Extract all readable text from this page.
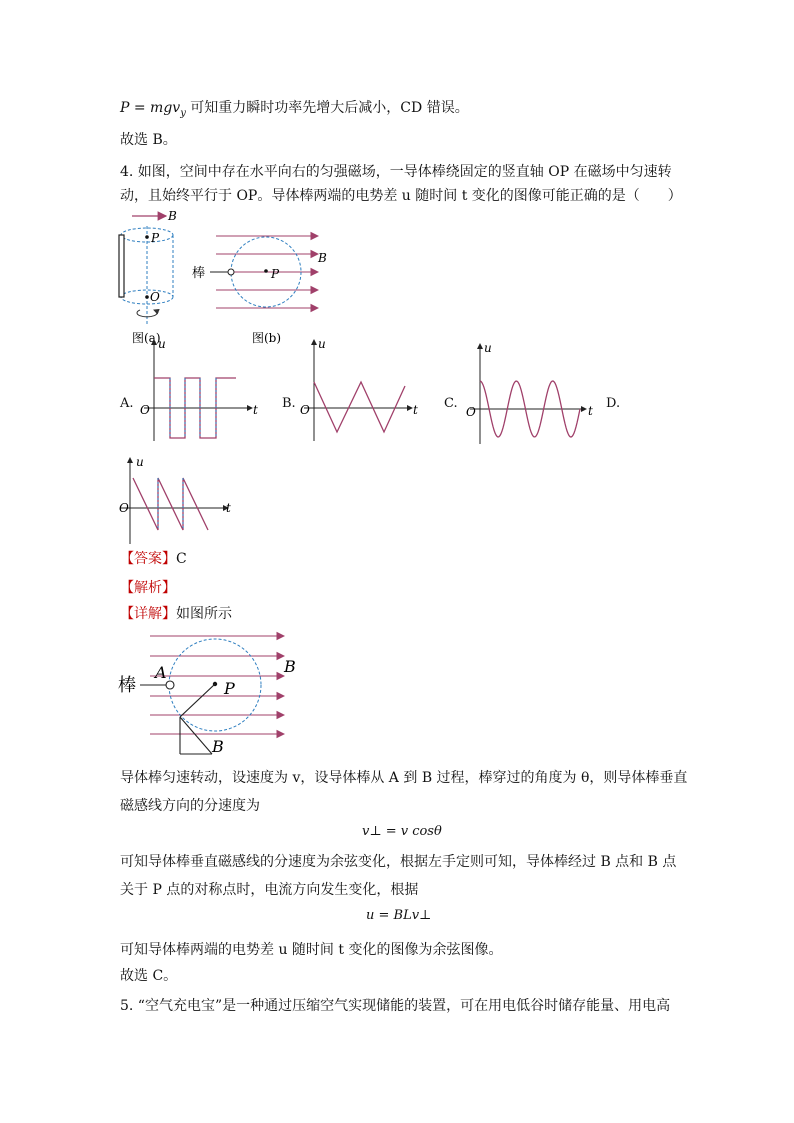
P = mgv$_y$ 可知重力瞬时功率先增大后减小，CD 错误。
故选 B。
4. 如图，空间中存在水平向右的匀强磁场，一导体棒绕固定的竖直轴 OP 在磁场中匀速转
动，且始终平行于 OP。导体棒两端的电势差 u 随时间 t 变化的图像可能正确的是（　　）
B
P
O
图(a)
B
棒	P
图(b)
A.
u
t
O	B.
u
t
O	C.
u
t
O
D.
u
t
O
【答案】C
【解析】
【详解】如图所示
棒
A
P
B
B
导体棒匀速转动，设速度为 v，设导体棒从 A 到 B 过程，棒穿过的角度为 θ，则导体棒垂直
磁感线方向的分速度为
v⊥ = v cosθ
可知导体棒垂直磁感线的分速度为余弦变化，根据左手定则可知，导体棒经过 B 点和 B 点
关于 P 点的对称点时，电流方向发生变化，根据
u = BLv⊥
可知导体棒两端的电势差 u 随时间 t 变化的图像为余弦图像。
故选 C。
5. “空气充电宝”是一种通过压缩空气实现储能的装置，可在用电低谷时储存能量、用电高
